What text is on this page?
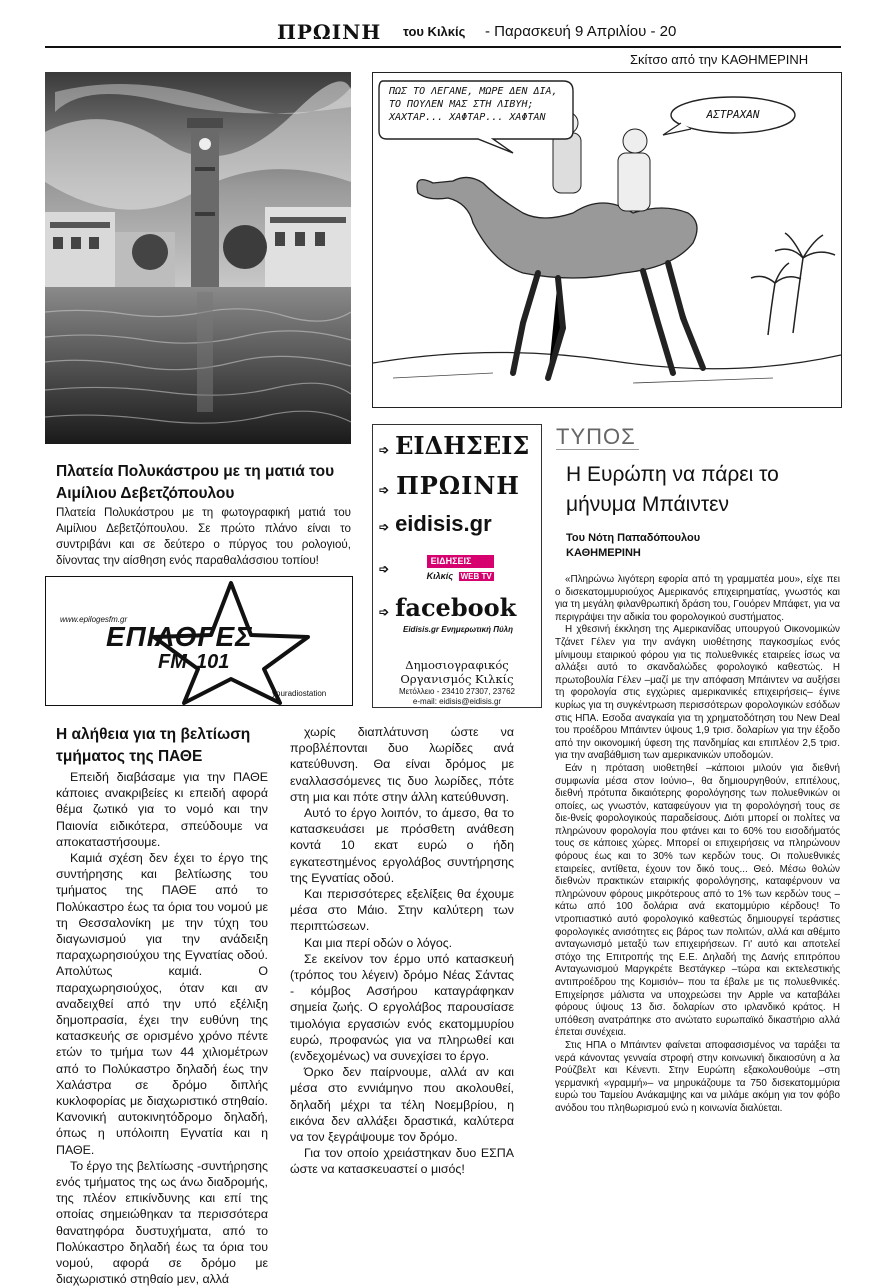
ΠΡΩΙΝΗ του Κιλκίς - Παρασκευή 9 Απριλίου - 20
Σκίτσο από την ΚΑΘΗΜΕΡΙΝΗ
ΠΩΣ ΤΟ ΛΕΓΑΝΕ, ΜΩΡΕ ΔΕΝ ΔΙΑ, ΤΟ ΠΟΥΛΕΝ ΜΑΣ ΣΤΗ ΛΙΒΥΗ; ΧΑΧΤΑΡ... ΧΑΦΤΑΡ... ΧΑΦΤΑΝ	ΑΣΤΡΑΧΑΝ
Πλατεία Πολυκάστρου με τη ματιά του Αιμίλιου Δεβετζόπουλου
Πλατεία Πολυκάστρου με τη φωτογραφική ματιά του Αιμίλιου Δεβετζόπουλου. Σε πρώτο πλάνο είναι το συντριβάνι και σε δεύτερο ο πύργος του ρολογιού, δίνοντας την αίσθηση ενός παραθαλάσσιου τοπίου!
www.epilogesfm.gr
ΕΠΙΛΟΓΕΣ
FM 101
youradiostation
➩ ΕΙΔΗΣΕΙΣ
➩ ΠΡΩΙΝΗ
➩ eidisis.gr
➩
ΕΙΔΗΣΕΙΣ
Κιλκίς WEB TV
➩ facebook
Eidisis.gr Ενημερωτική Πύλη
Δημοσιογραφικός
Οργανισμός Κιλκίς
Μετόλλειο - 23410 27307, 23762
e-mail: eidisis@eidisis.gr
Η αλήθεια για τη βελτίωση τμήματος της ΠΑΘΕ

Επειδή διαβάσαμε για την ΠΑΘΕ κάποιες ανακριβείες κι επειδή αφορά θέμα ζωτικό για το νομό και την Παιονία ειδικότερα, σπεύδουμε να αποκαταστήσουμε.

Καμιά σχέση δεν έχει το έργο της συντήρησης και βελτίωσης του τμήματος της ΠΑΘΕ από το Πολύκαστρο έως τα όρια του νομού με τη Θεσσαλονίκη με την τύχη του διαγωνισμού για την ανάδειξη παραχωρησιούχου της Εγνατίας οδού. Απολύτως καμιά. Ο παραχωρησιούχος, όταν και αν αναδειχθεί από την υπό εξέλιξη δημοπρασία, έχει την ευθύνη της κατασκευής σε ορισμένο χρόνο πέντε ετών το τμήμα των 44 χιλιομέτρων από το Πολύκαστρο δηλαδή έως την Χαλάστρα σε δρόμο διπλής κυκλοφορίας με διαχωριστικό στηθαίο. Κανονική αυτοκινητόδρομο δηλαδή, όπως η υπόλοιπη Εγνατία και η ΠΑΘΕ.

Το έργο της βελτίωσης -συντήρησης ενός τμήματος της ως άνω διαδρομής, της πλέον επικίνδυνης και επί της οποίας σημειώθηκαν τα περισσότερα θανατηφόρα δυστυχήματα, από το Πολύκαστρο δηλαδή έως τα όρια του νομού, αφορά σε δρόμο με διαχωριστικό στηθαίο μεν, αλλά

χωρίς διαπλάτυνση ώστε να προβλέπονται δυο λωρίδες ανά κατεύθυνση. Θα είναι δρόμος με εναλλασσόμενες τις δυο λωρίδες, πότε στη μια και πότε στην άλλη κατεύθυνση.

Αυτό το έργο λοιπόν, το άμεσο, θα το κατασκευάσει με πρόσθετη ανάθεση κοντά 10 εκατ ευρώ ο ήδη εγκατεστημένος εργολάβος συντήρησης της Εγνατίας οδού.

Και περισσότερες εξελίξεις θα έχουμε μέσα στο Μάιο. Στην καλύτερη των περιπτώσεων.

Και μια περί οδών ο λόγος.

Σε εκείνον τον έρμο υπό κατασκευή (τρόπος του λέγειν) δρόμο Νέας Σάντας - κόμβος Ασσήρου καταγράφηκαν σημεία ζωής. Ο εργολάβος παρουσίασε τιμολόγια εργασιών ενός εκατομμυρίου ευρώ, προφανώς για να πληρωθεί και (ενδεχομένως) να συνεχίσει το έργο.

Όρκο δεν παίρνουμε, αλλά αν και μέσα στο εννιάμηνο που ακολουθεί, δηλαδή μέχρι τα τέλη Νοεμβρίου, η εικόνα δεν αλλάξει δραστικά, καλύτερα να τον ξεγράψουμε τον δρόμο.

Για τον οποίο χρειάστηκαν δυο ΕΣΠΑ ώστε να κατασκευαστεί ο μισός!

ΤΥΠΟΣ
Η Ευρώπη να πάρει το μήνυμα Μπάιντεν
Του Νότη Παπαδόπουλου
ΚΑΘΗΜΕΡΙΝΗ

«Πληρώνω λιγότερη εφορία από τη γραμματέα μου», είχε πει ο δισεκατομμυριούχος Αμερικανός επιχειρηματίας, γνωστός και για τη μεγάλη φιλανθρωπική δράση του, Γουόρεν Μπάφετ, για να περιγράψει την αδικία του φορολογικού συστήματος.

Η χθεσινή έκκληση της Αμερικανίδας υπουργού Οικονομικών Τζάνετ Γέλεν για την ανάγκη υιοθέτησης παγκοσμίως ενός μίνιμουμ εταιρικού φόρου για τις πολυεθνικές εταιρείες ίσως να αλλάξει αυτό το σκανδαλώδες φορολογικό καθεστώς. Η πρωτοβουλία Γέλεν –μαζί με την απόφαση Μπάιντεν να αυξήσει τη φορολογία στις εγχώριες αμερικανικές επιχειρήσεις– έγινε κυρίως για τη συγκέντρωση περισσότερων φορολογικών εσόδων στις ΗΠΑ. Εσοδα αναγκαία για τη χρηματοδότηση του New Deal του προέδρου Μπάιντεν ύψους 1,9 τρισ. δολαρίων για την έξοδο από την οικονομική ύφεση της πανδημίας και επιπλέον 2,5 τρισ. για την αναβάθμιση των αμερικανικών υποδομών.

Εάν η πρόταση υιοθετηθεί –κάποιοι μιλούν για διεθνή συμφωνία μέσα στον Ιούνιο–, θα δημιουργηθούν, επιτέλους, διεθνή πρότυπα δικαιότερης φορολόγησης των πολυεθνικών οι οποίες, ως γνωστόν, καταφεύγουν για τη φορολόγησή τους σε διε-θνείς φορολογικούς παραδείσους. Διότι μπορεί οι πολίτες να πληρώνουν φορολογία που φτάνει και το 60% του εισοδήματός τους σε κάποιες χώρες. Μπορεί οι επιχειρήσεις να πληρώνουν φόρους έως και το 30% των κερδών τους. Οι πολυεθνικές εταιρείες, αντίθετα, έχουν τον δικό τους... Θεό. Μέσω θολών διεθνών πρακτικών εταιρικής φορολόγησης, καταφέρνουν να πληρώνουν φόρους μικρότερους από το 1% των κερδών τους – κάτω από 100 δολάρια ανά εκατομμύριο κέρδους! Το ντροπιαστικό αυτό φορολογικό καθεστώς δημιουργεί τεράστιες φορολογικές ανισότητες εις βάρος των πολιτών, αλλά και αθέμιτο ανταγωνισμό μεταξύ των επιχειρήσεων. Γι' αυτό και αποτελεί στόχο της Επιτροπής της Ε.Ε. Δηλαδή της Δανής επιτρόπου Ανταγωνισμού Μαργκρέτε Βεστάγκερ –τώρα και εκτελεστικής αντιπροέδρου της Κομισιόν– που τα έβαλε με τις πολυεθνικές. Επιχείρησε μάλιστα να υποχρεώσει την Apple να καταβάλει φόρους ύψους 13 δισ. δολαρίων στο ιρλανδικό κράτος. Η υπόθεση ανατράπηκε στο ανώτατο ευρωπαϊκό δικαστήριο αλλά έπεται συνέχεια.

Στις ΗΠΑ ο Μπάιντεν φαίνεται αποφασισμένος να ταράξει τα νερά κάνοντας γενναία στροφή στην κοινωνική δικαιοσύνη α λα Ρούζβελτ και Κένεντι. Στην Ευρώπη εξακολουθούμε –στη γερμανική «γραμμή»– να μηρυκάζουμε τα 750 δισεκατομμύρια ευρώ του Ταμείου Ανάκαμψης και να μιλάμε ακόμη για τον φόβο ανόδου του πληθωρισμού ενώ η κοινωνία διαλύεται.
